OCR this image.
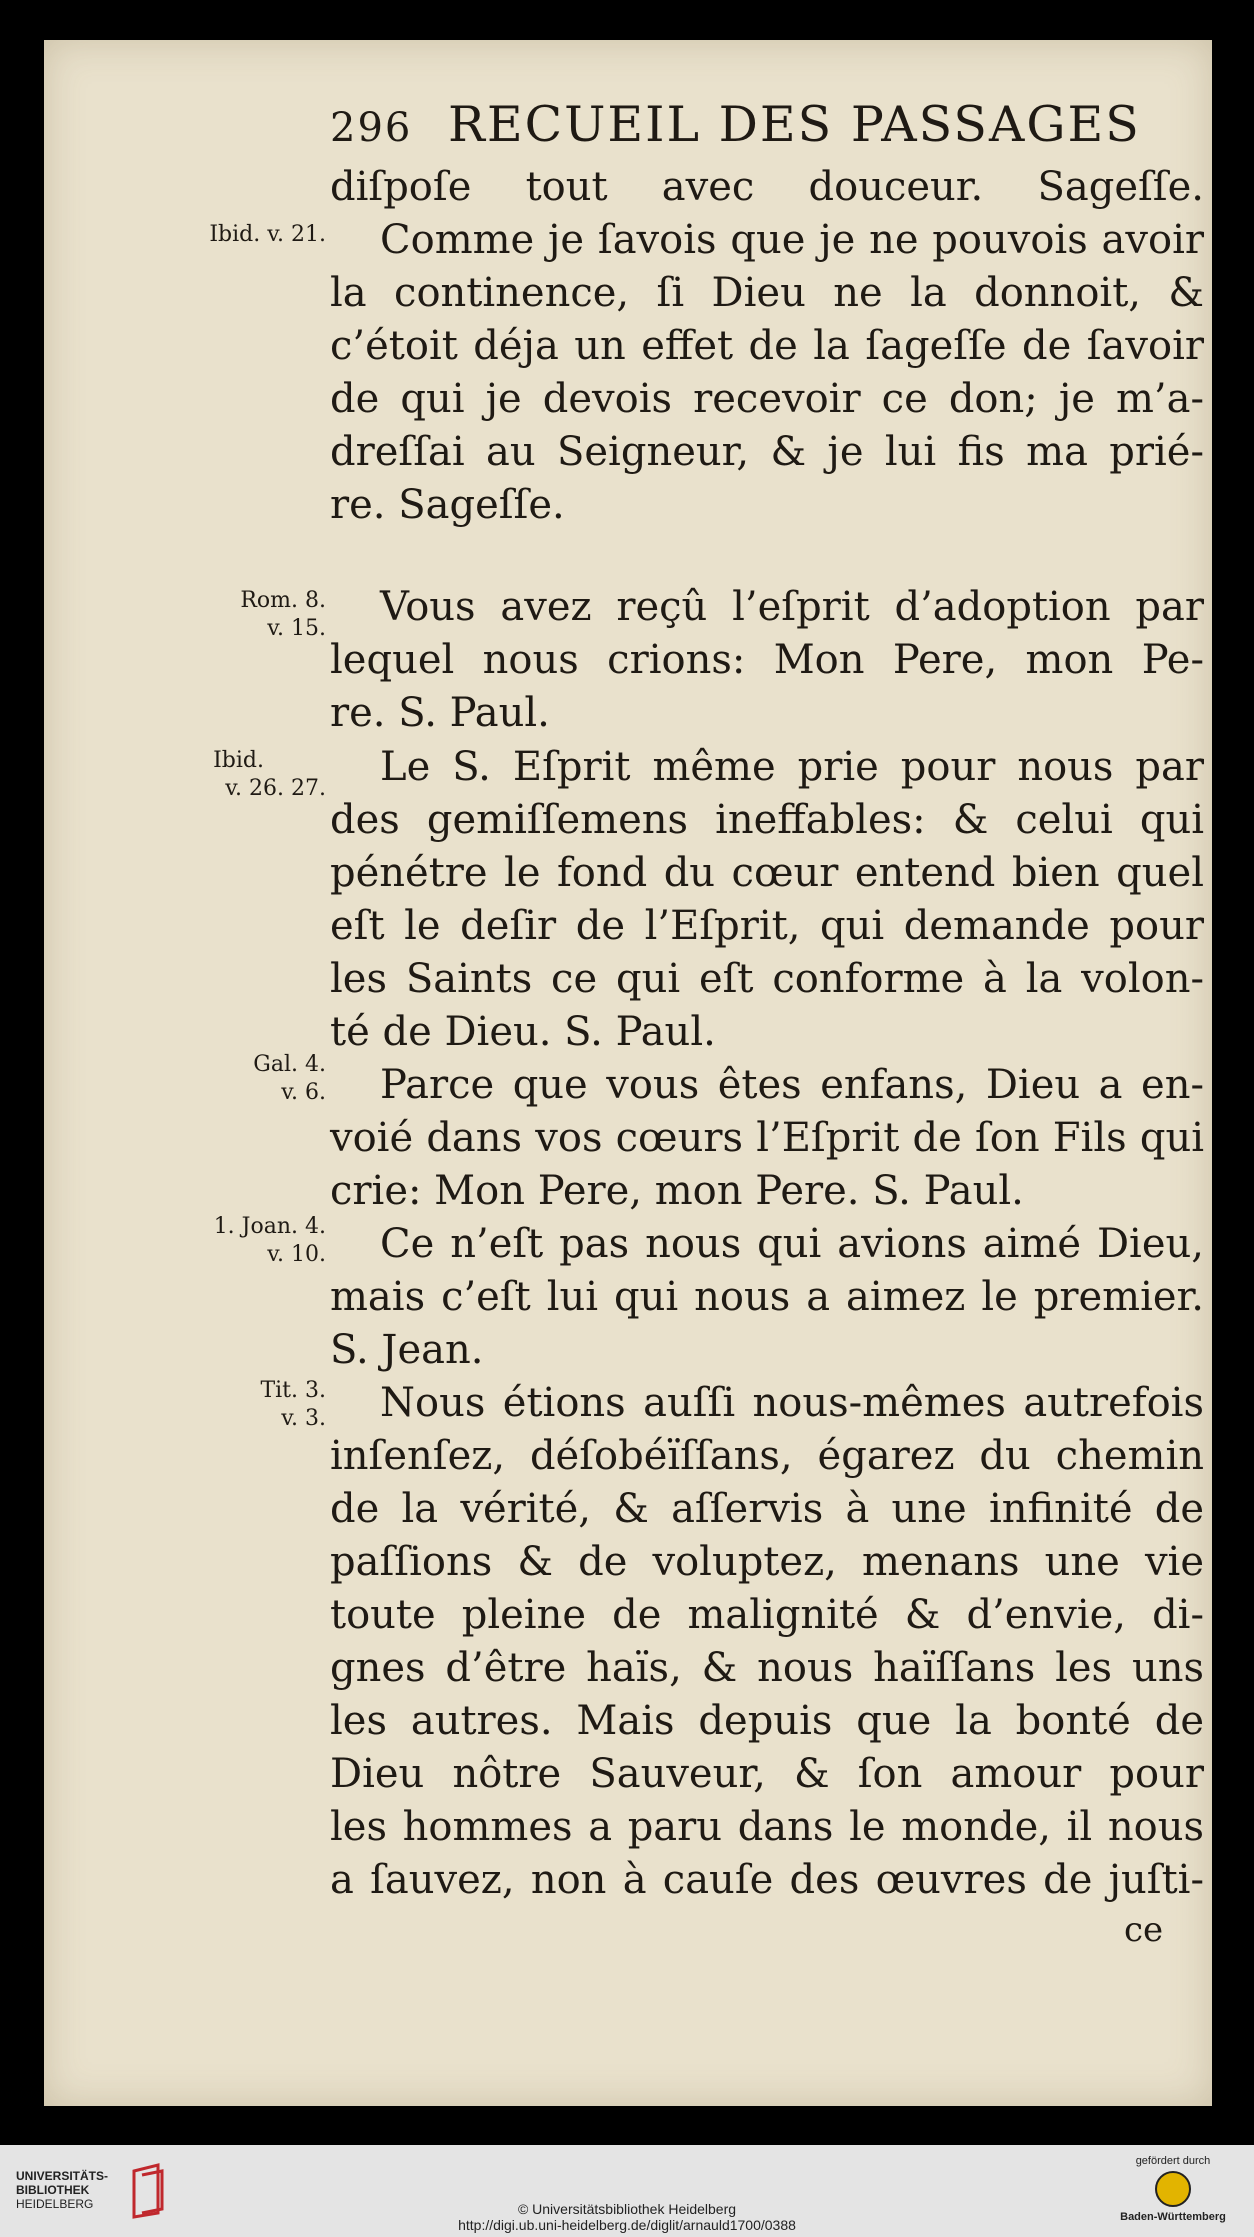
296 RECUEIL DES PASSAGES
Ibid. v. 21.
Rom. 8.
v. 15.
Ibid.
v. 26. 27.
Gal. 4.
v. 6.
1. Joan. 4.
v. 10.
Tit. 3.
v. 3.
diſpoſe tout avec douceur. Sageſſe.
Comme je ſavois que je ne pouvois avoir
la continence, ſi Dieu ne la donnoit, &
c’étoit déja un effet de la ſageſſe de ſavoir
de qui je devois recevoir ce don; je m’a-
dreſſai au Seigneur, & je lui fis ma prié-
re. Sageſſe.
Vous avez reçû l’eſprit d’adoption par
lequel nous crions: Mon Pere, mon Pe-
re. S. Paul.
Le S. Eſprit même prie pour nous par
des gemiſſemens ineffables: & celui qui
pénétre le fond du cœur entend bien quel
eſt le deſir de l’Eſprit, qui demande pour
les Saints ce qui eſt conforme à la volon-
té de Dieu. S. Paul.
Parce que vous êtes enfans, Dieu a en-
voié dans vos cœurs l’Eſprit de ſon Fils qui
crie: Mon Pere, mon Pere. S. Paul.
Ce n’eſt pas nous qui avions aimé Dieu,
mais c’eſt lui qui nous a aimez le premier.
S. Jean.
Nous étions auſſi nous-mêmes autrefois
inſenſez, déſobéïſſans, égarez du chemin
de la vérité, & aſſervis à une infinité de
paſſions & de voluptez, menans une vie
toute pleine de malignité & d’envie, di-
gnes d’être haïs, & nous haïſſans les uns
les autres. Mais depuis que la bonté de
Dieu nôtre Sauveur, & ſon amour pour
les hommes a paru dans le monde, il nous
a ſauvez, non à cauſe des œuvres de juſti-
ce
UNIVERSITÄTS-
BIBLIOTHEK
HEIDELBERG	© Universitätsbibliothek Heidelberg
http://digi.ub.uni-heidelberg.de/diglit/arnauld1700/0388
gefördert durch
Baden-Württemberg
